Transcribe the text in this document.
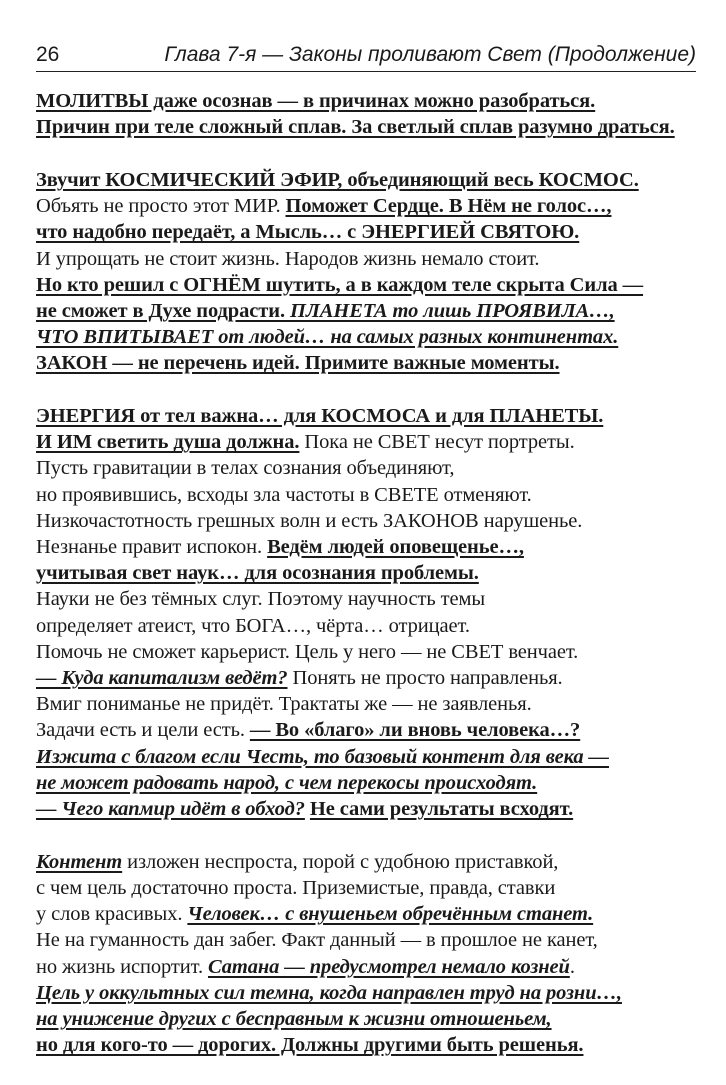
26	Глава 7-я — Законы проливают Свет (Продолжение)
МОЛИТВЫ даже осознав — в причинах можно разобраться.
Причин при теле сложный сплав. За светлый сплав разумно драться.
Звучит КОСМИЧЕСКИЙ ЭФИР, объединяющий весь КОСМОС.
Объять не просто этот МИР. Поможет Сердце. В Нём не голос…,
что надобно передаёт, а Мысль… с ЭНЕРГИЕЙ СВЯТОЮ.
И упрощать не стоит жизнь. Народов жизнь немало стоит.
Но кто решил с ОГНЁМ шутить, а в каждом теле скрыта Сила —
не сможет в Духе подрасти. ПЛАНЕТА то лишь ПРОЯВИЛА…,
ЧТО ВПИТЫВАЕТ от людей… на самых разных континентах.
ЗАКОН — не перечень идей. Примите важные моменты.
ЭНЕРГИЯ от тел важна… для КОСМОСА и для ПЛАНЕТЫ.
И ИМ светить душа должна. Пока не СВЕТ несут портреты.
Пусть гравитации в телах сознания объединяют,
но проявившись, всходы зла частоты в СВЕТЕ отменяют.
Низкочастотность грешных волн и есть ЗАКОНОВ нарушенье.
Незнанье правит испокон. Ведём людей оповещенье…,
учитывая свет наук… для осознания проблемы.
Науки не без тёмных слуг. Поэтому научность темы
определяет атеист, что БОГА…, чёрта… отрицает.
Помочь не сможет карьерист. Цель у него — не СВЕТ венчает.
— Куда капитализм ведёт? Понять не просто направленья.
Вмиг пониманье не придёт. Трактаты же — не заявленья.
Задачи есть и цели есть. — Во «благо» ли вновь человека…?
Изжита с благом если Честь, то базовый контент для века —
не может радовать народ, с чем перекосы происходят.
— Чего капмир идёт в обход? Не сами результаты всходят.
Контент изложен неспроста, порой с удобною приставкой,
с чем цель достаточно проста. Приземистые, правда, ставки
у слов красивых. Человек… с внушеньем обречённым станет.
Не на гуманность дан забег. Факт данный — в прошлое не канет,
но жизнь испортит. Сатана — предусмотрел немало козней.
Цель у оккультных сил темна, когда направлен труд на розни…,
на унижение других с бесправным к жизни отношеньем,
но для кого-то — дорогих. Должны другими быть решенья.
